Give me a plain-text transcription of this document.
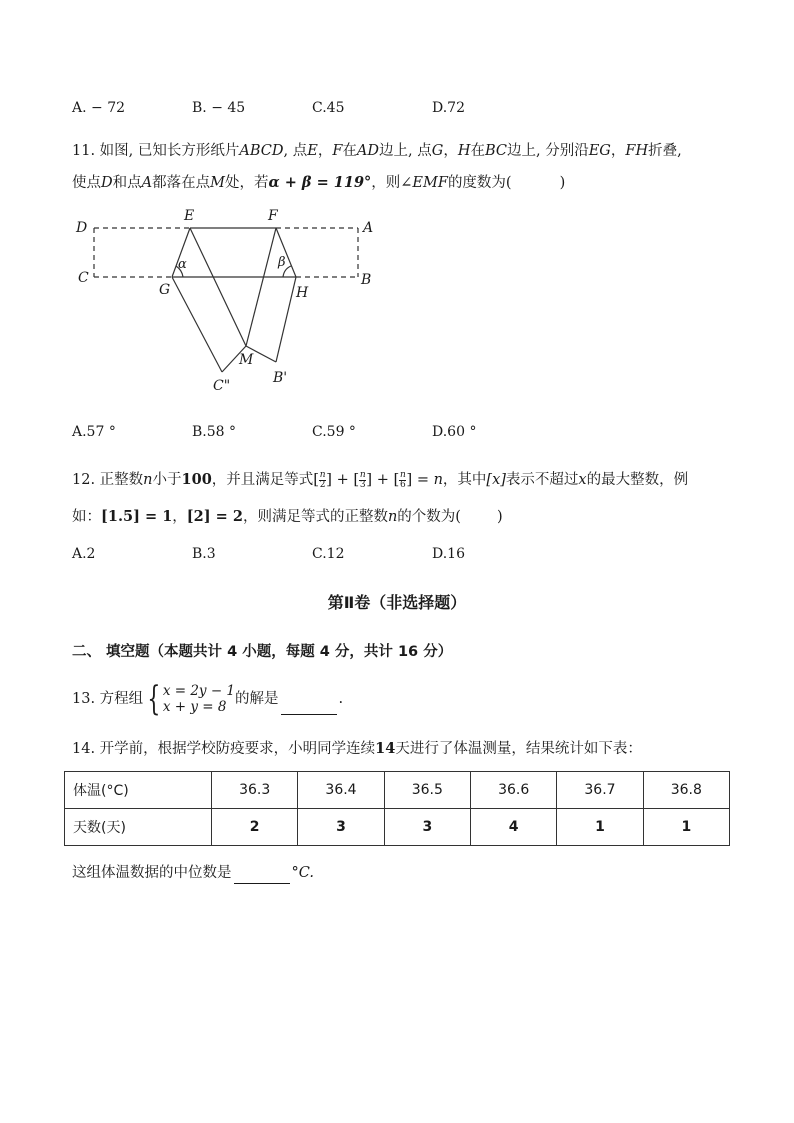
A. − 72	B. − 45	C.45	D.72
11. 如图, 已知长方形纸片ABCD, 点E，F在AD边上, 点G，H在BC边上, 分别沿EG，FH折叠,
使点D和点A都落在点M处，若α + β = 119°，则∠EMF的度数为(	)
D	A
C	B
E	F
G	H
M
C"	B'
α	β
A.57 °	B.58 °	C.59 °	D.60 °
12. 正整数n小于100，并且满足等式[ $\frac{n}{2}$ ] + [ $\frac{n}{3}$ ] + [ $\frac{n}{6}$ ] = n，其中[x]表示不超过x的最大整数，例
如：[1.5] = 1，[2] = 2，则满足等式的正整数n的个数为( )
A.2	B.3	C.12	D.16
第Ⅱ卷（非选择题）
二、 填空题（本题共计 4 小题，每题 4 分，共计 16 分）
13. 方程组 { x = 2y − 1
x + y = 8 的解是	.
14. 开学前，根据学校防疫要求，小明同学连续14天进行了体温测量，结果统计如下表：
体温(°C)	36.3	36.4	36.5	36.6	36.7	36.8
天数(天)	2	3	3	4	1	1
这组体温数据的中位数是	°C.
